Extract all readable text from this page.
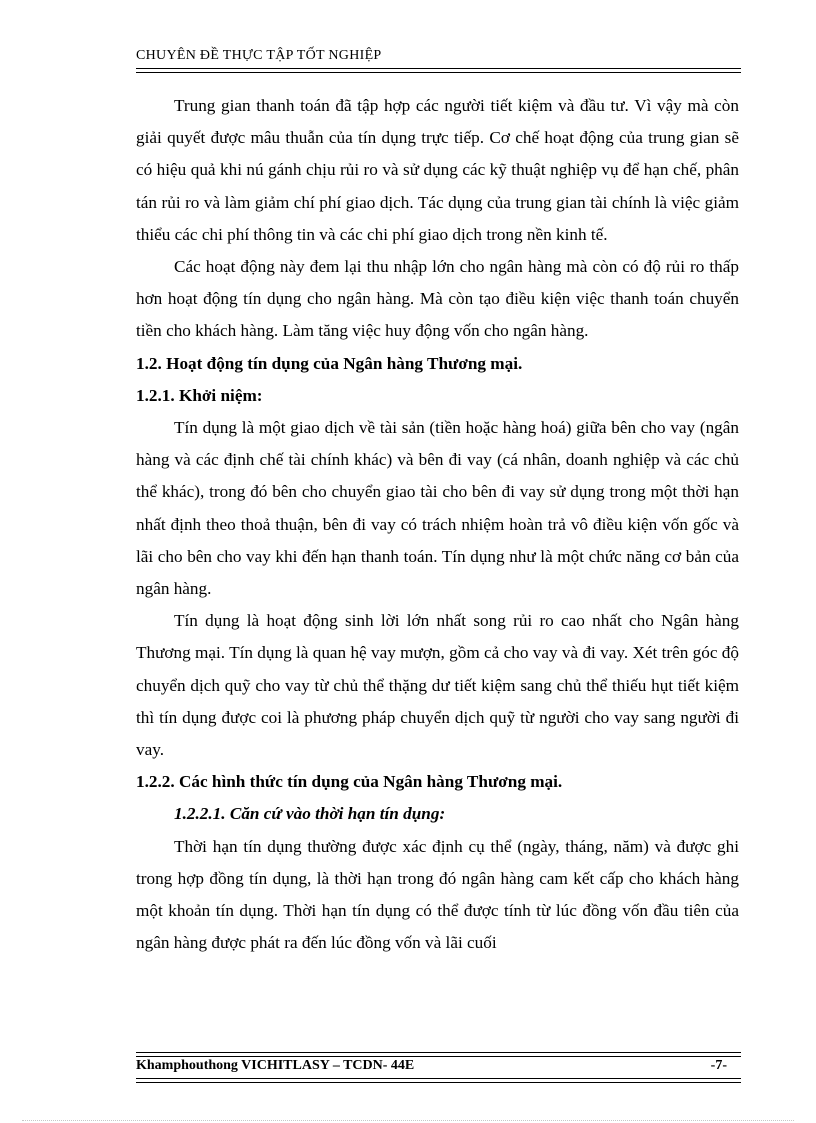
CHUYÊN ĐỀ THỰC TẬP TỐT NGHIỆP

Trung gian thanh toán đã tập hợp các người tiết kiệm và đầu tư. Vì vậy mà còn giải quyết được mâu thuẫn của tín dụng trực tiếp. Cơ chế hoạt động của trung gian sẽ có hiệu quả khi nú gánh chịu rủi ro và sử dụng các kỹ thuật nghiệp vụ để hạn chế, phân tán rủi ro và làm giảm chí phí giao dịch. Tác dụng của trung gian tài chính là việc giảm thiểu các chi phí thông tin và các chi phí giao dịch trong nền kinh tế.

Các hoạt động này đem lại thu nhập lớn cho ngân hàng mà còn có độ rủi ro thấp hơn hoạt động tín dụng cho ngân hàng. Mà còn tạo điều kiện việc thanh toán chuyển tiền cho khách hàng. Làm tăng việc huy động vốn cho ngân hàng.

1.2. Hoạt động tín dụng của Ngân hàng Thương mại.

1.2.1. Khởi niệm:

Tín dụng là một giao dịch về tài sản (tiền hoặc hàng hoá) giữa bên cho vay (ngân hàng và các định chế tài chính khác) và bên đi vay (cá nhân, doanh nghiệp và các chủ thể khác), trong đó bên cho chuyển giao tài cho bên đi vay sử dụng trong một thời hạn nhất định theo thoả thuận, bên đi vay có trách nhiệm hoàn trả vô điều kiện vốn gốc và lãi cho bên cho vay khi đến hạn thanh toán. Tín dụng như là một chức năng cơ bản của ngân hàng.

Tín dụng là hoạt động sinh lời lớn nhất song rủi ro cao nhất cho Ngân hàng Thương mại. Tín dụng là quan hệ vay mượn, gồm cả cho vay và đi vay. Xét trên góc độ chuyển dịch quỹ cho vay từ chủ thể thặng dư tiết kiệm sang chủ thể thiếu hụt tiết kiệm thì tín dụng được coi là phương pháp chuyển dịch quỹ từ người cho vay sang người đi vay.

1.2.2. Các hình thức tín dụng của Ngân hàng Thương mại.

1.2.2.1. Căn cứ vào thời hạn tín dụng:

Thời hạn tín dụng thường được xác định cụ thể (ngày, tháng, năm) và được ghi trong hợp đồng tín dụng, là thời hạn trong đó ngân hàng cam kết cấp cho khách hàng một khoản tín dụng. Thời hạn tín dụng có thể được tính từ lúc đồng vốn đầu tiên của ngân hàng được phát ra đến lúc đồng vốn và lãi cuối

Khamphouthong VICHITLASY – TCDN- 44E	-7-
